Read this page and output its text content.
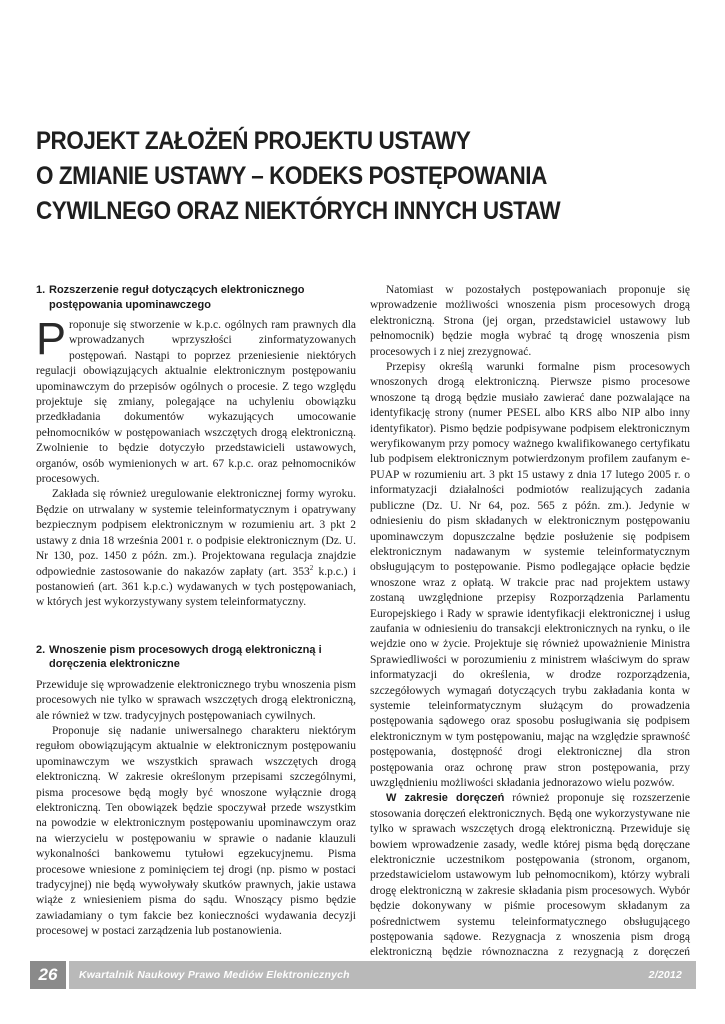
PROJEKT ZAŁOŻEŃ PROJEKTU USTAWY
O ZMIANIE USTAWY – KODEKS POSTĘPOWANIA
CYWILNEGO ORAZ NIEKTÓRYCH INNYCH USTAW
1. Rozszerzenie reguł dotyczących elektronicznego postępowania upominawczego

Proponuje się stworzenie w k.p.c. ogólnych ram prawnych dla wprowadzanych wprzyszłości zinformatyzowanych postępowań. Nastąpi to poprzez przeniesienie niektórych regulacji obowiązujących aktualnie elektronicznym postępowaniu upominawczym do przepisów ogólnych o procesie. Z tego względu projektuje się zmiany, polegające na uchyleniu obowiązku przedkładania dokumentów wykazujących umocowanie pełnomocników w postępowaniach wszczętych drogą elektroniczną. Zwolnienie to będzie dotyczyło przedstawicieli ustawowych, organów, osób wymienionych w art. 67 k.p.c. oraz pełnomocników procesowych.

Zakłada się również uregulowanie elektronicznej formy wyroku. Będzie on utrwalany w systemie teleinformatycznym i opatrywany bezpiecznym podpisem elektronicznym w rozumieniu art. 3 pkt 2 ustawy z dnia 18 września 2001 r. o podpisie elektronicznym (Dz. U. Nr 130, poz. 1450 z późn. zm.). Projektowana regulacja znajdzie odpowiednie zastosowanie do nakazów zapłaty (art. $353^2$ k.p.c.) i postanowień (art. 361 k.p.c.) wydawanych w tych postępowaniach, w których jest wykorzystywany system teleinformatyczny.

2. Wnoszenie pism procesowych drogą elektroniczną i doręczenia elektroniczne

Przewiduje się wprowadzenie elektronicznego trybu wnoszenia pism procesowych nie tylko w sprawach wszczętych drogą elektroniczną, ale również w tzw. tradycyjnych postępowaniach cywilnych.

Proponuje się nadanie uniwersalnego charakteru niektórym regułom obowiązującym aktualnie w elektronicznym postępowaniu upominawczym we wszystkich sprawach wszczętych drogą elektroniczną. W zakresie określonym przepisami szczególnymi, pisma procesowe będą mogły być wnoszone wyłącznie drogą elektroniczną. Ten obowiązek będzie spoczywał przede wszystkim na powodzie w elektronicznym postępowaniu upominawczym oraz na wierzycielu w postępowaniu w sprawie o nadanie klauzuli wykonalności bankowemu tytułowi egzekucyjnemu. Pisma procesowe wniesione z pominięciem tej drogi (np. pismo w postaci tradycyjnej) nie będą wywoływały skutków prawnych, jakie ustawa wiąże z wniesieniem pisma do sądu. Wnoszący pismo będzie zawiadamiany o tym fakcie bez konieczności wydawania decyzji procesowej w postaci zarządzenia lub postanowienia.

Natomiast w pozostałych postępowaniach proponuje się wprowadzenie możliwości wnoszenia pism procesowych drogą elektroniczną. Strona (jej organ, przedstawiciel ustawowy lub pełnomocnik) będzie mogła wybrać tą drogę wnoszenia pism procesowych i z niej zrezygnować.

Przepisy określą warunki formalne pism procesowych wnoszonych drogą elektroniczną. Pierwsze pismo procesowe wnoszone tą drogą będzie musiało zawierać dane pozwalające na identyfikację strony (numer PESEL albo KRS albo NIP albo inny identyfikator). Pismo będzie podpisywane podpisem elektronicznym weryfikowanym przy pomocy ważnego kwalifikowanego certyfikatu lub podpisem elektronicznym potwierdzonym profilem zaufanym e-PUAP w rozumieniu art. 3 pkt 15 ustawy z dnia 17 lutego 2005 r. o informatyzacji działalności podmiotów realizujących zadania publiczne (Dz. U. Nr 64, poz. 565 z późn. zm.). Jedynie w odniesieniu do pism składanych w elektronicznym postępowaniu upominawczym dopuszczalne będzie posłużenie się podpisem elektronicznym nadawanym w systemie teleinformatycznym obsługującym to postępowanie. Pismo podlegające opłacie będzie wnoszone wraz z opłatą. W trakcie prac nad projektem ustawy zostaną uwzględnione przepisy Rozporządzenia Parlamentu Europejskiego i Rady w sprawie identyfikacji elektronicznej i usług zaufania w odniesieniu do transakcji elektronicznych na rynku, o ile wejdzie ono w życie. Projektuje się również upoważnienie Ministra Sprawiedliwości w porozumieniu z ministrem właściwym do spraw informatyzacji do określenia, w drodze rozporządzenia, szczegółowych wymagań dotyczących trybu zakładania konta w systemie teleinformatycznym służącym do prowadzenia postępowania sądowego oraz sposobu posługiwania się podpisem elektronicznym w tym postępowaniu, mając na względzie sprawność postępowania, dostępność drogi elektronicznej dla stron postępowania oraz ochronę praw stron postępowania, przy uwzględnieniu możliwości składania jednorazowo wielu pozwów.

W zakresie doręczeń również proponuje się rozszerzenie stosowania doręczeń elektronicznych. Będą one wykorzystywane nie tylko w sprawach wszczętych drogą elektroniczną. Przewiduje się bowiem wprowadzenie zasady, wedle której pisma będą doręczane elektronicznie uczestnikom postępowania (stronom, organom, przedstawicielom ustawowym lub pełnomocnikom), którzy wybrali drogę elektroniczną w zakresie składania pism procesowych. Wybór będzie dokonywany w piśmie procesowym składanym za pośrednictwem systemu teleinformatycznego obsługującego postępowania sądowe. Rezygnacja z wnoszenia pism drogą elektroniczną będzie równoznaczna z rezygnacją z doręczeń

26	Kwartalnik Naukowy Prawo Mediów Elektronicznych	2/2012
